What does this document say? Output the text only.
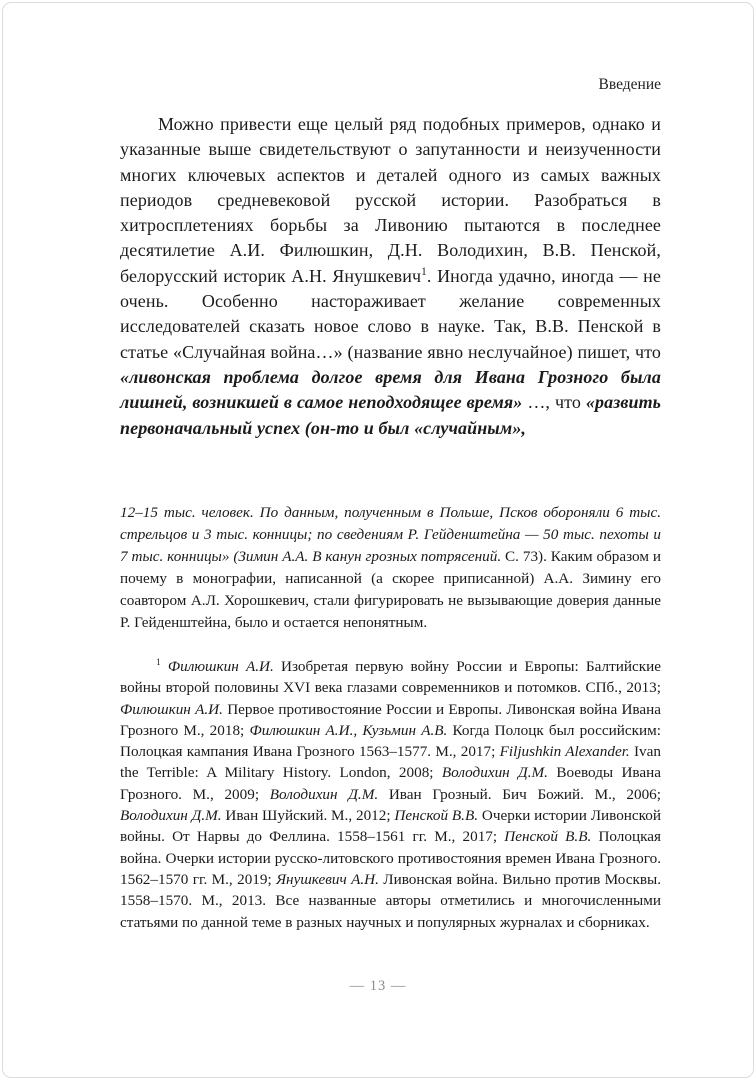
Введение

Можно привести еще целый ряд подобных примеров, однако и указанные выше свидетельствуют о запутанности и неизученности многих ключевых аспектов и деталей одного из самых важных периодов средневековой русской истории. Разобраться в хитросплетениях борьбы за Ливонию пытаются в последнее десятилетие А.И. Филюшкин, Д.Н. Володихин, В.В. Пенской, белорусский историк А.Н. Янушкевич$^1$. Иногда удачно, иногда — не очень. Особенно настораживает желание современных исследователей сказать новое слово в науке. Так, В.В. Пенской в статье «Случайная война…» (название явно неслучайное) пишет, что «ливонская проблема долгое время для Ивана Грозного была лишней, возникшей в самое неподходящее время» …, что «развить первоначальный успех (он-то и был «случайным»,

12–15 тыс. человек. По данным, полученным в Польше, Псков обороняли 6 тыс. стрельцов и 3 тыс. конницы; по сведениям Р. Гейденштейна — 50 тыс. пехоты и 7 тыс. конницы» (Зимин А.А. В канун грозных потрясений. С. 73). Каким образом и почему в монографии, написанной (а скорее приписанной) А.А. Зимину его соавтором А.Л. Хорошкевич, стали фигурировать не вызывающие доверия данные Р. Гейденштейна, было и остается непонятным.

$^1$ Филюшкин А.И. Изобретая первую войну России и Европы: Балтийские войны второй половины XVI века глазами современников и потомков. СПб., 2013; Филюшкин А.И. Первое противостояние России и Европы. Ливонская война Ивана Грозного М., 2018; Филюшкин А.И., Кузьмин А.В. Когда Полоцк был российским: Полоцкая кампания Ивана Грозного 1563–1577. М., 2017; Filjushkin Alexander. Ivan the Terrible: A Military History. London, 2008; Володихин Д.М. Воеводы Ивана Грозного. М., 2009; Володихин Д.М. Иван Грозный. Бич Божий. М., 2006; Володихин Д.М. Иван Шуйский. М., 2012; Пенской В.В. Очерки истории Ливонской войны. От Нарвы до Феллина. 1558–1561 гг. М., 2017; Пенской В.В. Полоцкая война. Очерки истории русско-литовского противостояния времен Ивана Грозного. 1562–1570 гг. М., 2019; Янушкевич А.Н. Ливонская война. Вильно против Москвы. 1558–1570. М., 2013. Все названные авторы отметились и многочисленными статьями по данной теме в разных научных и популярных журналах и сборниках.

— 13 —
